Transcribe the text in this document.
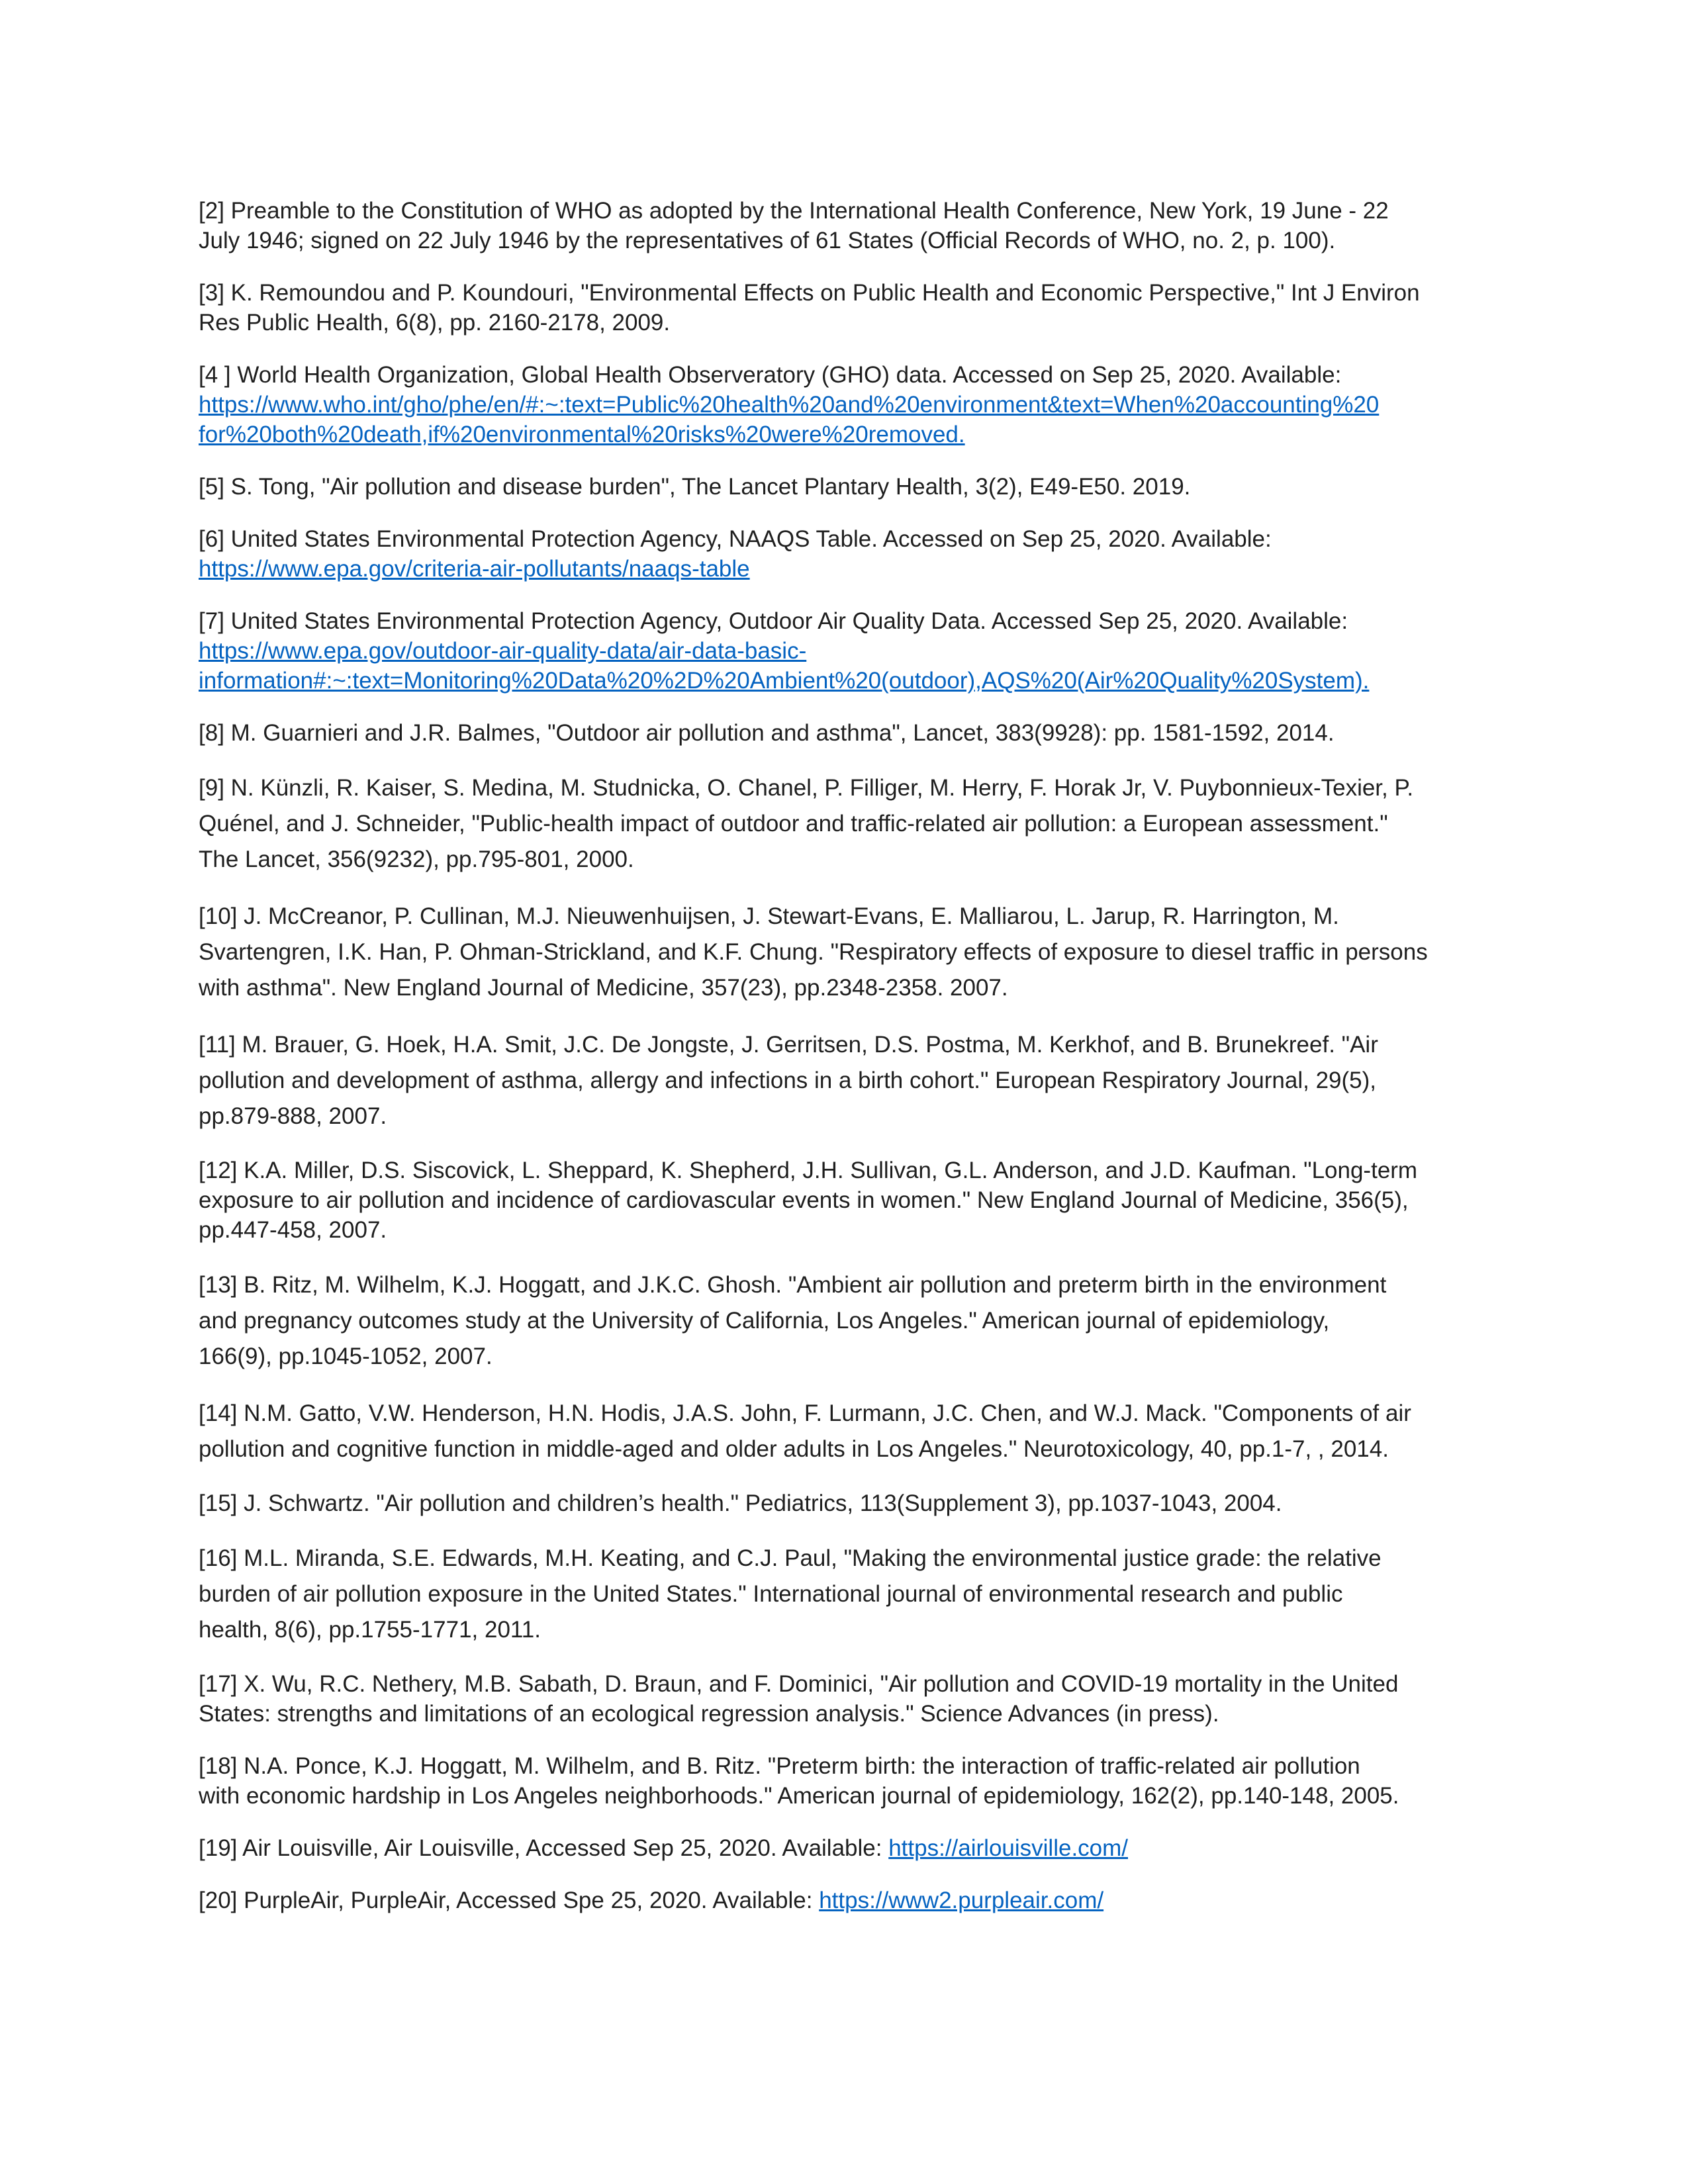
[2] Preamble to the Constitution of WHO as adopted by the International Health Conference, New York, 19 June - 22
July 1946; signed on 22 July 1946 by the representatives of 61 States (Official Records of WHO, no. 2, p. 100).

[3] K. Remoundou and P. Koundouri, "Environmental Effects on Public Health and Economic Perspective," Int J Environ
Res Public Health, 6(8), pp. 2160-2178, 2009.

[4 ] World Health Organization, Global Health Observeratory (GHO) data. Accessed on Sep 25, 2020. Available:
https://www.who.int/gho/phe/en/#:~:text=Public%20health%20and%20environment&text=When%20accounting%20
for%20both%20death,if%20environmental%20risks%20were%20removed.

[5] S. Tong, "Air pollution and disease burden", The Lancet Plantary Health, 3(2), E49-E50. 2019.

[6] United States Environmental Protection Agency, NAAQS Table. Accessed on Sep 25, 2020. Available:
https://www.epa.gov/criteria-air-pollutants/naaqs-table

[7] United States Environmental Protection Agency, Outdoor Air Quality Data. Accessed Sep 25, 2020. Available:
https://www.epa.gov/outdoor-air-quality-data/air-data-basic-
information#:~:text=Monitoring%20Data%20%2D%20Ambient%20(outdoor),AQS%20(Air%20Quality%20System).

[8] M. Guarnieri and J.R. Balmes, "Outdoor air pollution and asthma", Lancet, 383(9928): pp. 1581-1592, 2014.

[9] N. Künzli, R. Kaiser, S. Medina, M. Studnicka, O. Chanel, P. Filliger, M. Herry, F. Horak Jr, V. Puybonnieux-Texier, P.
Quénel, and J. Schneider, "Public-health impact of outdoor and traffic-related air pollution: a European assessment."
The Lancet, 356(9232), pp.795-801, 2000.

[10] J. McCreanor, P. Cullinan, M.J. Nieuwenhuijsen, J. Stewart-Evans, E. Malliarou, L. Jarup, R. Harrington, M.
Svartengren, I.K. Han, P. Ohman-Strickland, and K.F. Chung. "Respiratory effects of exposure to diesel traffic in persons
with asthma". New England Journal of Medicine, 357(23), pp.2348-2358. 2007.

[11] M. Brauer, G. Hoek, H.A. Smit, J.C. De Jongste, J. Gerritsen, D.S. Postma, M. Kerkhof, and B. Brunekreef. "Air
pollution and development of asthma, allergy and infections in a birth cohort." European Respiratory Journal, 29(5),
pp.879-888, 2007.

[12] K.A. Miller, D.S. Siscovick, L. Sheppard, K. Shepherd, J.H. Sullivan, G.L. Anderson, and J.D. Kaufman. "Long-term
exposure to air pollution and incidence of cardiovascular events in women." New England Journal of Medicine, 356(5),
pp.447-458, 2007.

[13] B. Ritz, M. Wilhelm, K.J. Hoggatt, and J.K.C. Ghosh. "Ambient air pollution and preterm birth in the environment
and pregnancy outcomes study at the University of California, Los Angeles." American journal of epidemiology,
166(9), pp.1045-1052, 2007.

[14] N.M. Gatto, V.W. Henderson, H.N. Hodis, J.A.S. John, F. Lurmann, J.C. Chen, and W.J. Mack. "Components of air
pollution and cognitive function in middle-aged and older adults in Los Angeles." Neurotoxicology, 40, pp.1-7, , 2014.

[15] J. Schwartz. "Air pollution and children’s health." Pediatrics, 113(Supplement 3), pp.1037-1043, 2004.

[16] M.L. Miranda, S.E. Edwards, M.H. Keating, and C.J. Paul, "Making the environmental justice grade: the relative
burden of air pollution exposure in the United States." International journal of environmental research and public
health, 8(6), pp.1755-1771, 2011.

[17] X. Wu, R.C. Nethery, M.B. Sabath, D. Braun, and F. Dominici, "Air pollution and COVID-19 mortality in the United
States: strengths and limitations of an ecological regression analysis." Science Advances (in press).

[18] N.A. Ponce, K.J. Hoggatt, M. Wilhelm, and B. Ritz. "Preterm birth: the interaction of traffic-related air pollution
with economic hardship in Los Angeles neighborhoods." American journal of epidemiology, 162(2), pp.140-148, 2005.

[19] Air Louisville, Air Louisville, Accessed Sep 25, 2020. Available: https://airlouisville.com/

[20] PurpleAir, PurpleAir, Accessed Spe 25, 2020. Available: https://www2.purpleair.com/
